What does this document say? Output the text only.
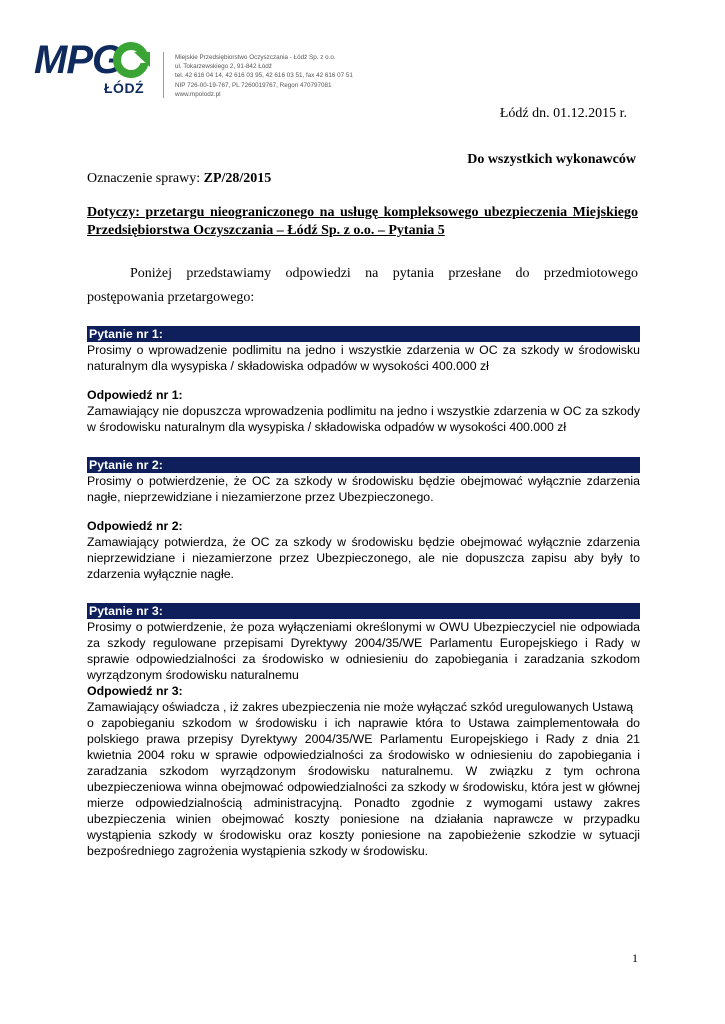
MPG
ŁÓDŹ
Miejskie Przedsiębiorstwo Oczyszczania - Łódź Sp. z o.o.
ul. Tokarzewskiego 2, 91-842 Łódź
tel. 42 616 04 14, 42 616 03 95, 42 616 03 51, fax 42 616 07 51
NIP 726-00-19-767, PL 7260019767, Regon 470797081
www.mpolodz.pl
Łódź dn. 01.12.2015 r.
Do wszystkich wykonawców
Oznaczenie sprawy: ZP/28/2015
Dotyczy: przetargu nieograniczonego na usługę kompleksowego ubezpieczenia Miejskiego Przedsiębiorstwa Oczyszczania – Łódź Sp. z o.o. – Pytania 5
Poniżej przedstawiamy odpowiedzi na pytania przesłane do przedmiotowego postępowania przetargowego:
Pytanie nr 1:

Prosimy o wprowadzenie podlimitu na jedno i wszystkie zdarzenia w OC za szkody w środowisku naturalnym dla wysypiska / składowiska odpadów w wysokości 400.000 zł

Odpowiedź nr 1:

Zamawiający nie dopuszcza wprowadzenia podlimitu na jedno i wszystkie zdarzenia w OC za szkody w środowisku naturalnym dla wysypiska / składowiska odpadów w wysokości 400.000 zł

Pytanie nr 2:

Prosimy o potwierdzenie, że OC za szkody w środowisku będzie obejmować wyłącznie zdarzenia nagłe, nieprzewidziane i niezamierzone przez Ubezpieczonego.

Odpowiedź nr 2:

Zamawiający potwierdza, że OC za szkody w środowisku będzie obejmować wyłącznie zdarzenia nieprzewidziane i niezamierzone przez Ubezpieczonego, ale nie dopuszcza zapisu aby były to zdarzenia wyłącznie nagłe.

Pytanie nr 3:

Prosimy o potwierdzenie, że poza wyłączeniami określonymi w OWU Ubezpieczyciel nie odpowiada za szkody regulowane przepisami Dyrektywy 2004/35/WE Parlamentu Europejskiego i Rady w sprawie odpowiedzialności za środowisko w odniesieniu do zapobiegania i zaradzania szkodom wyrządzonym środowisku naturalnemu

Odpowiedź nr 3:

Zamawiający oświadcza , iż zakres ubezpieczenia nie może wyłączać szkód uregulowanych Ustawą

o zapobieganiu szkodom w środowisku i ich naprawie która to Ustawa zaimplementowała do polskiego prawa przepisy Dyrektywy 2004/35/WE Parlamentu Europejskiego i Rady z dnia 21 kwietnia 2004 roku w sprawie odpowiedzialności za środowisko w odniesieniu do zapobiegania i zaradzania szkodom wyrządzonym środowisku naturalnemu. W związku z tym ochrona ubezpieczeniowa winna obejmować odpowiedzialności za szkody w środowisku, która jest w głównej mierze odpowiedzialnością administracyjną. Ponadto zgodnie z wymogami ustawy zakres ubezpieczenia winien obejmować koszty poniesione na działania naprawcze w przypadku wystąpienia szkody w środowisku oraz koszty poniesione na zapobieżenie szkodzie w sytuacji bezpośredniego zagrożenia wystąpienia szkody w środowisku.

1
